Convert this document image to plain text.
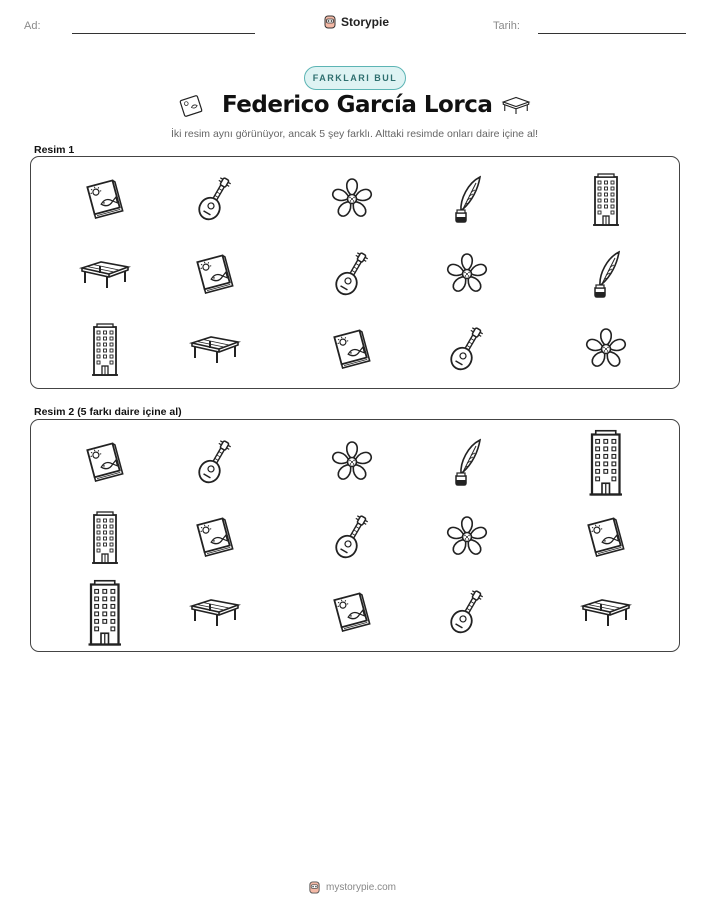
Ad:	Storypie	Tarih:
FARKLARI BUL
Federico García Lorca
İki resim aynı görünüyor, ancak 5 şey farklı. Alttaki resimde onları daire içine al!
Resim 1
Resim 2 (5 farkı daire içine al)
mystorypie.com
